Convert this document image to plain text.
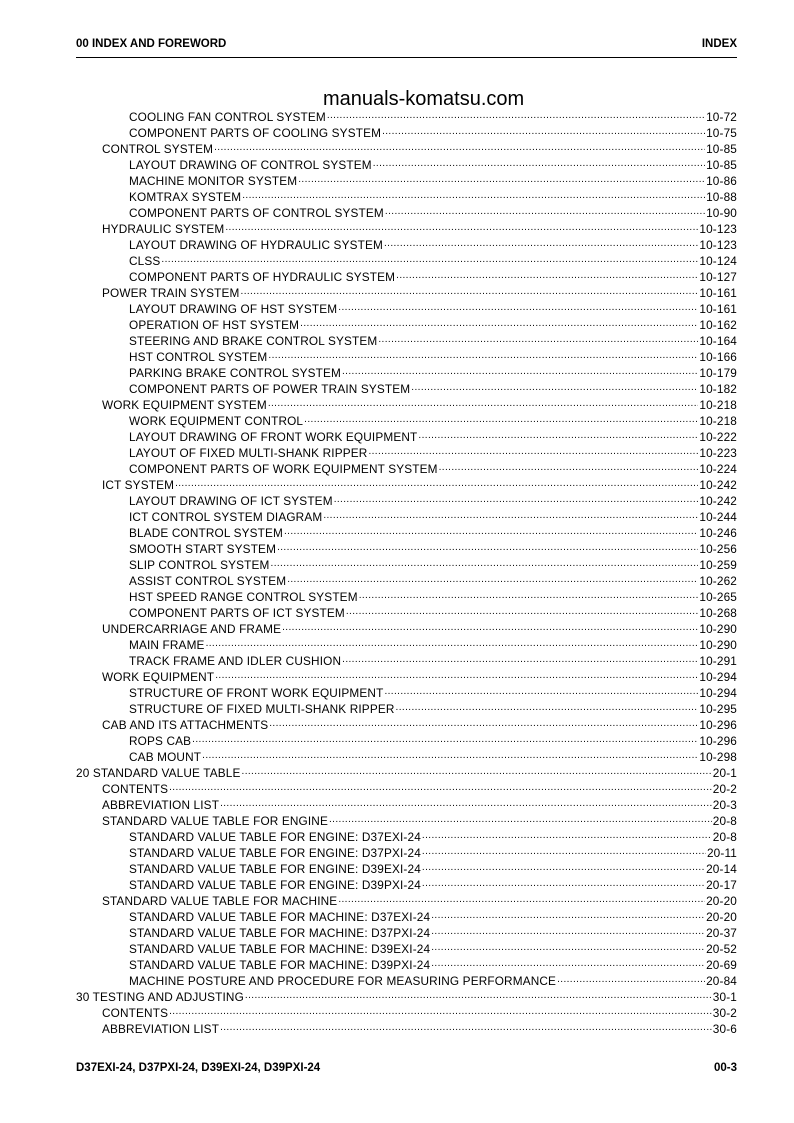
00 INDEX AND FOREWORD	INDEX
manuals-komatsu.com
COOLING FAN CONTROL SYSTEM .....	10-72
COMPONENT PARTS OF COOLING SYSTEM .....	10-75
CONTROL SYSTEM .....	10-85
LAYOUT DRAWING OF CONTROL SYSTEM .....	10-85
MACHINE MONITOR SYSTEM .....	10-86
KOMTRAX SYSTEM .....	10-88
COMPONENT PARTS OF CONTROL SYSTEM .....	10-90
HYDRAULIC SYSTEM .....	10-123
LAYOUT DRAWING OF HYDRAULIC SYSTEM .....	10-123
CLSS .....	10-124
COMPONENT PARTS OF HYDRAULIC SYSTEM .....	10-127
POWER TRAIN SYSTEM .....	10-161
LAYOUT DRAWING OF HST SYSTEM .....	10-161
OPERATION OF HST SYSTEM .....	10-162
STEERING AND BRAKE CONTROL SYSTEM .....	10-164
HST CONTROL SYSTEM .....	10-166
PARKING BRAKE CONTROL SYSTEM .....	10-179
COMPONENT PARTS OF POWER TRAIN SYSTEM .....	10-182
WORK EQUIPMENT SYSTEM .....	10-218
WORK EQUIPMENT CONTROL .....	10-218
LAYOUT DRAWING OF FRONT WORK EQUIPMENT .....	10-222
LAYOUT OF FIXED MULTI-SHANK RIPPER .....	10-223
COMPONENT PARTS OF WORK EQUIPMENT SYSTEM .....	10-224
ICT SYSTEM .....	10-242
LAYOUT DRAWING OF ICT SYSTEM .....	10-242
ICT CONTROL SYSTEM DIAGRAM .....	10-244
BLADE CONTROL SYSTEM .....	10-246
SMOOTH START SYSTEM .....	10-256
SLIP CONTROL SYSTEM .....	10-259
ASSIST CONTROL SYSTEM .....	10-262
HST SPEED RANGE CONTROL SYSTEM .....	10-265
COMPONENT PARTS OF ICT SYSTEM .....	10-268
UNDERCARRIAGE AND FRAME .....	10-290
MAIN FRAME .....	10-290
TRACK FRAME AND IDLER CUSHION .....	10-291
WORK EQUIPMENT .....	10-294
STRUCTURE OF FRONT WORK EQUIPMENT .....	10-294
STRUCTURE OF FIXED MULTI-SHANK RIPPER .....	10-295
CAB AND ITS ATTACHMENTS .....	10-296
ROPS CAB .....	10-296
CAB MOUNT .....	10-298
20 STANDARD VALUE TABLE .....	20-1
CONTENTS .....	20-2
ABBREVIATION LIST .....	20-3
STANDARD VALUE TABLE FOR ENGINE .....	20-8
STANDARD VALUE TABLE FOR ENGINE: D37EXI-24 .....	20-8
STANDARD VALUE TABLE FOR ENGINE: D37PXI-24 .....	20-11
STANDARD VALUE TABLE FOR ENGINE: D39EXI-24 .....	20-14
STANDARD VALUE TABLE FOR ENGINE: D39PXI-24 .....	20-17
STANDARD VALUE TABLE FOR MACHINE .....	20-20
STANDARD VALUE TABLE FOR MACHINE: D37EXI-24 .....	20-20
STANDARD VALUE TABLE FOR MACHINE: D37PXI-24 .....	20-37
STANDARD VALUE TABLE FOR MACHINE: D39EXI-24 .....	20-52
STANDARD VALUE TABLE FOR MACHINE: D39PXI-24 .....	20-69
MACHINE POSTURE AND PROCEDURE FOR MEASURING PERFORMANCE .....	20-84
30 TESTING AND ADJUSTING .....	30-1
CONTENTS .....	30-2
ABBREVIATION LIST .....	30-6
D37EXI-24, D37PXI-24, D39EXI-24, D39PXI-24	00-3
